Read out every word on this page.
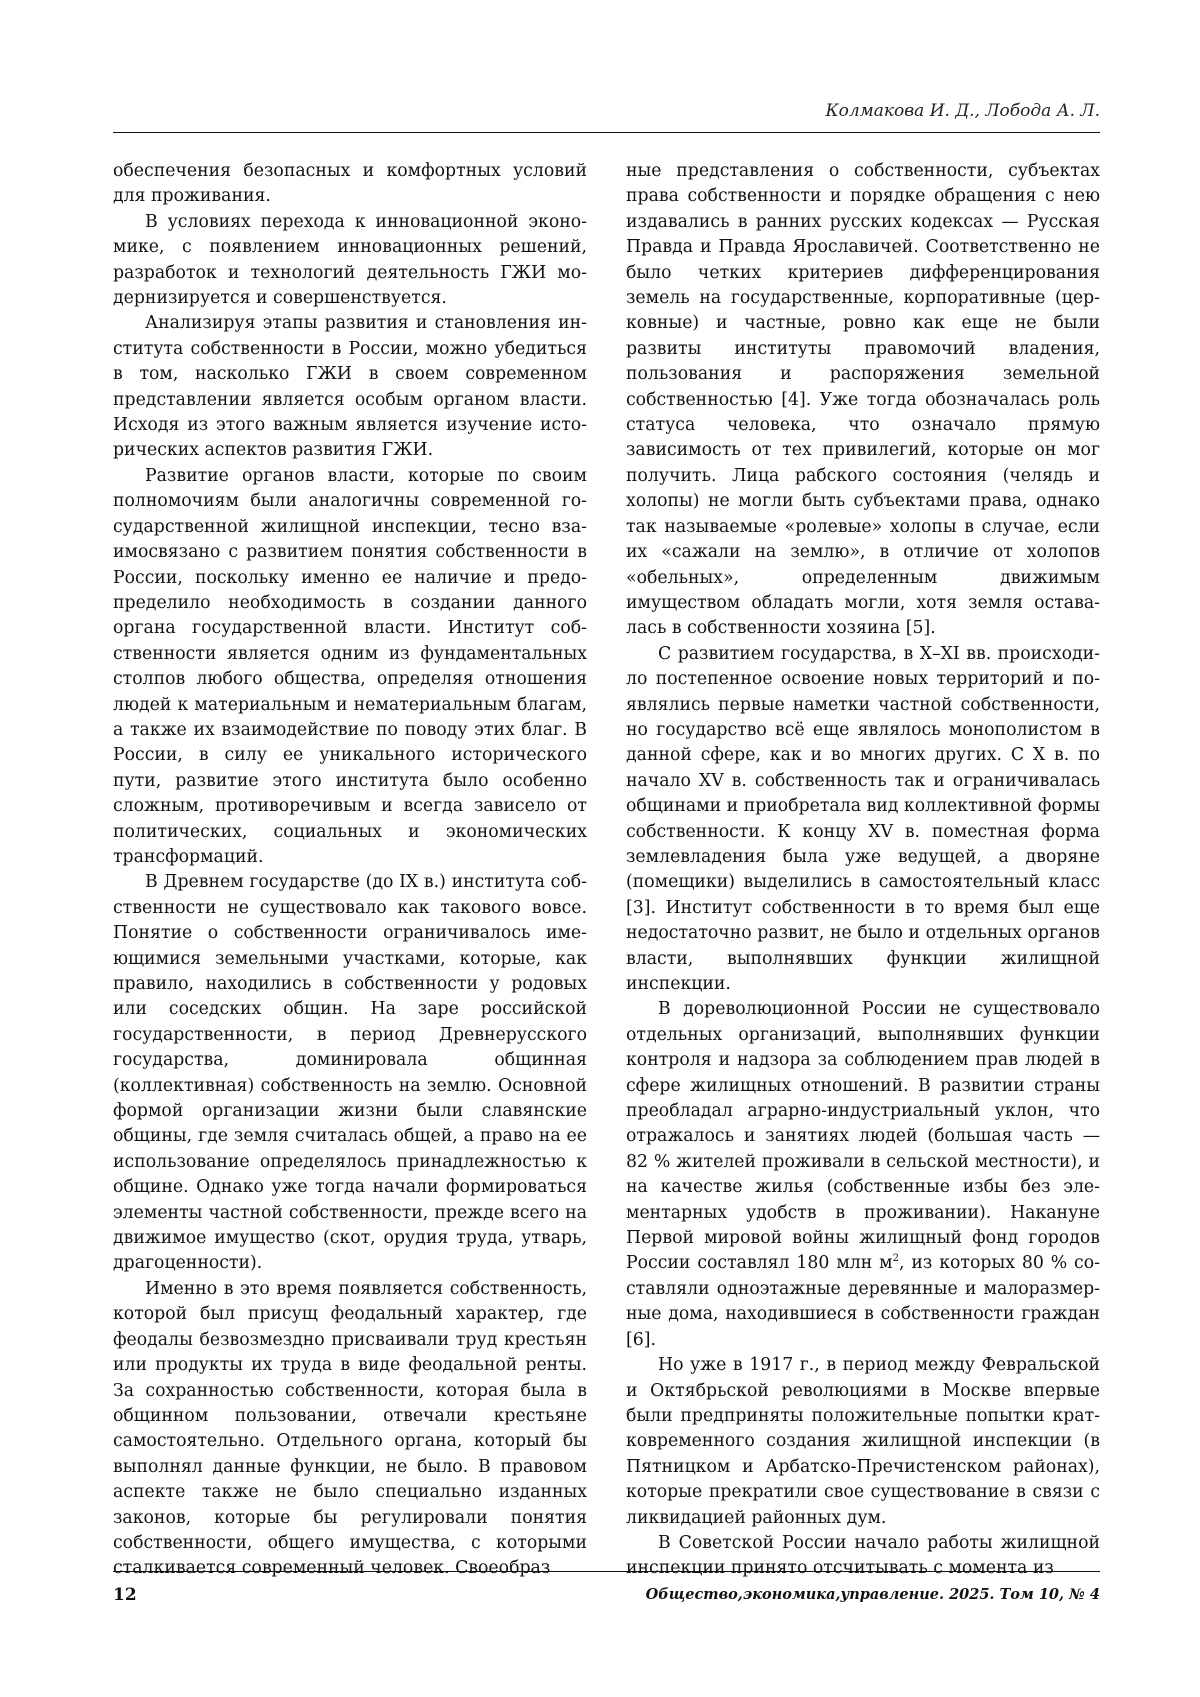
Колмакова И. Д., Лобода А. Л.

обеспечения безопасных и комфортных условий для проживания.

В условиях перехода к инновационной экономике, с появлением инновационных решений, разработок и технологий деятельность ГЖИ модернизируется и совершенствуется.

Анализируя этапы развития и становления института собственности в России, можно убедиться в том, насколько ГЖИ в своем современном представлении является особым органом власти. Исходя из этого важным является изучение исторических аспектов развития ГЖИ.

Развитие органов власти, которые по своим полномочиям были аналогичны современной государственной жилищной инспекции, тесно взаимосвязано с развитием понятия собственности в России, поскольку именно ее наличие и предопределило необходимость в создании данного органа государственной власти. Институт собственности является одним из фундаментальных столпов любого общества, определяя отношения людей к материальным и нематериальным благам, а также их взаимодействие по поводу этих благ. В России, в силу ее уникального исторического пути, развитие этого института было особенно сложным, противоречивым и всегда зависело от политических, социальных и экономических трансформаций.

В Древнем государстве (до IX в.) института собственности не существовало как такового вовсе. Понятие о собственности ограничивалось имеющимися земельными участками, которые, как правило, находились в собственности у родовых или соседских общин. На заре российской государственности, в период Древнерусского государства, доминировала общинная (коллективная) собственность на землю. Основной формой организации жизни были славянские общины, где земля считалась общей, а право на ее использование определялось принадлежностью к общине. Однако уже тогда начали формироваться элементы частной собственности, прежде всего на движимое имущество (скот, орудия труда, утварь, драгоценности).

Именно в это время появляется собственность, которой был присущ феодальный характер, где феодалы безвозмездно присваивали труд крестьян или продукты их труда в виде феодальной ренты. За сохранностью собственности, которая была в общинном пользовании, отвечали крестьяне самостоятельно. Отдельного органа, который бы выполнял данные функции, не было. В правовом аспекте также не было специально изданных законов, которые бы регулировали понятия собственности, общего имущества, с которыми сталкивается современный человек. Своеобраз

ные представления о собственности, субъектах права собственности и порядке обращения с нею издавались в ранних русских кодексах — Русская Правда и Правда Ярославичей. Соответственно не было четких критериев дифференцирования земель на государственные, корпоративные (церковные) и частные, ровно как еще не были развиты институты правомочий владения, пользования и распоряжения земельной собственностью [4]. Уже тогда обозначалась роль статуса человека, что означало прямую зависимость от тех привилегий, которые он мог получить. Лица рабского состояния (челядь и холопы) не могли быть субъектами права, однако так называемые «ролевые» холопы в случае, если их «сажали на землю», в отличие от холопов «обельных», определенным движимым имуществом обладать могли, хотя земля оставалась в собственности хозяина [5].

С развитием государства, в X–XI вв. происходило постепенное освоение новых территорий и появлялись первые наметки частной собственности, но государство всё еще являлось монополистом в данной сфере, как и во многих других. С X в. по начало XV в. собственность так и ограничивалась общинами и приобретала вид коллективной формы собственности. К концу XV в. поместная форма землевладения была уже ведущей, а дворяне (помещики) выделились в самостоятельный класс [3]. Институт собственности в то время был еще недостаточно развит, не было и отдельных органов власти, выполнявших функции жилищной инспекции.

В дореволюционной России не существовало отдельных организаций, выполнявших функции контроля и надзора за соблюдением прав людей в сфере жилищных отношений. В развитии страны преобладал аграрно-индустриальный уклон, что отражалось и занятиях людей (большая часть — 82 % жителей проживали в сельской местности), и на качестве жилья (собственные избы без элементарных удобств в проживании). Накануне Первой мировой войны жилищный фонд городов России составлял 180 млн $м^2$, из которых 80 % составляли одноэтажные деревянные и малоразмерные дома, находившиеся в собственности граждан [6].

Но уже в 1917 г., в период между Февральской и Октябрьской революциями в Москве впервые были предприняты положительные попытки кратковременного создания жилищной инспекции (в Пятницком и Арбатско-Пречистенском районах), которые прекратили свое существование в связи с ликвидацией районных дум.

В Советской России начало работы жилищной инспекции принято отсчитывать с момента из

12	Общество,экономика,управление. 2025. Том 10, № 4
